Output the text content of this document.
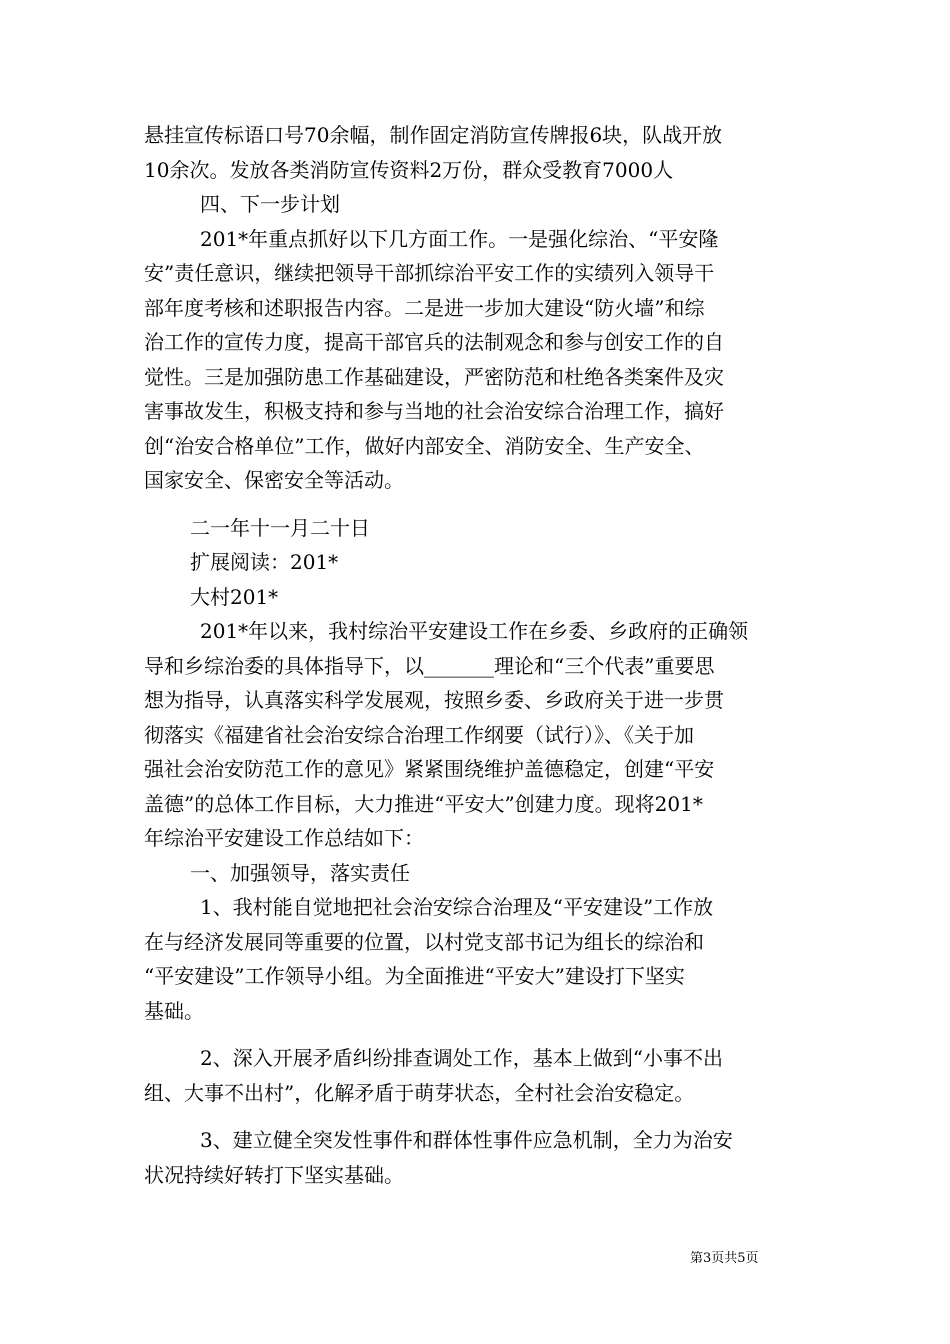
悬挂宣传标语口号70余幅，制作固定消防宣传牌报6块，队战开放

10余次。发放各类消防宣传资料2万份，群众受教育7000人

四、下一步计划

201*年重点抓好以下几方面工作。一是强化综治、“平安隆

安”责任意识，继续把领导干部抓综治平安工作的实绩列入领导干

部年度考核和述职报告内容。二是进一步加大建设“防火墙”和综

治工作的宣传力度，提高干部官兵的法制观念和参与创安工作的自

觉性。三是加强防患工作基础建设，严密防范和杜绝各类案件及灾

害事故发生，积极支持和参与当地的社会治安综合治理工作，搞好

创“治安合格单位”工作，做好内部安全、消防安全、生产安全、

国家安全、保密安全等活动。

二一年十一月二十日

扩展阅读：201*

大村201*

201*年以来，我村综治平安建设工作在乡委、乡政府的正确领

导和乡综治委的具体指导下，以_______理论和“三个代表”重要思

想为指导，认真落实科学发展观，按照乡委、乡政府关于进一步贯

彻落实《福建省社会治安综合治理工作纲要（试行）》、《关于加

强社会治安防范工作的意见》紧紧围绕维护盖德稳定，创建“平安

盖德”的总体工作目标，大力推进“平安大”创建力度。现将201*

年综治平安建设工作总结如下：

一、加强领导，落实责任

1、我村能自觉地把社会治安综合治理及“平安建设”工作放

在与经济发展同等重要的位置，以村党支部书记为组长的综治和

“平安建设”工作领导小组。为全面推进“平安大”建设打下坚实

基础。

2、深入开展矛盾纠纷排查调处工作，基本上做到“小事不出

组、大事不出村”，化解矛盾于萌芽状态，全村社会治安稳定。

3、建立健全突发性事件和群体性事件应急机制，全力为治安

状况持续好转打下坚实基础。

第3页共5页
